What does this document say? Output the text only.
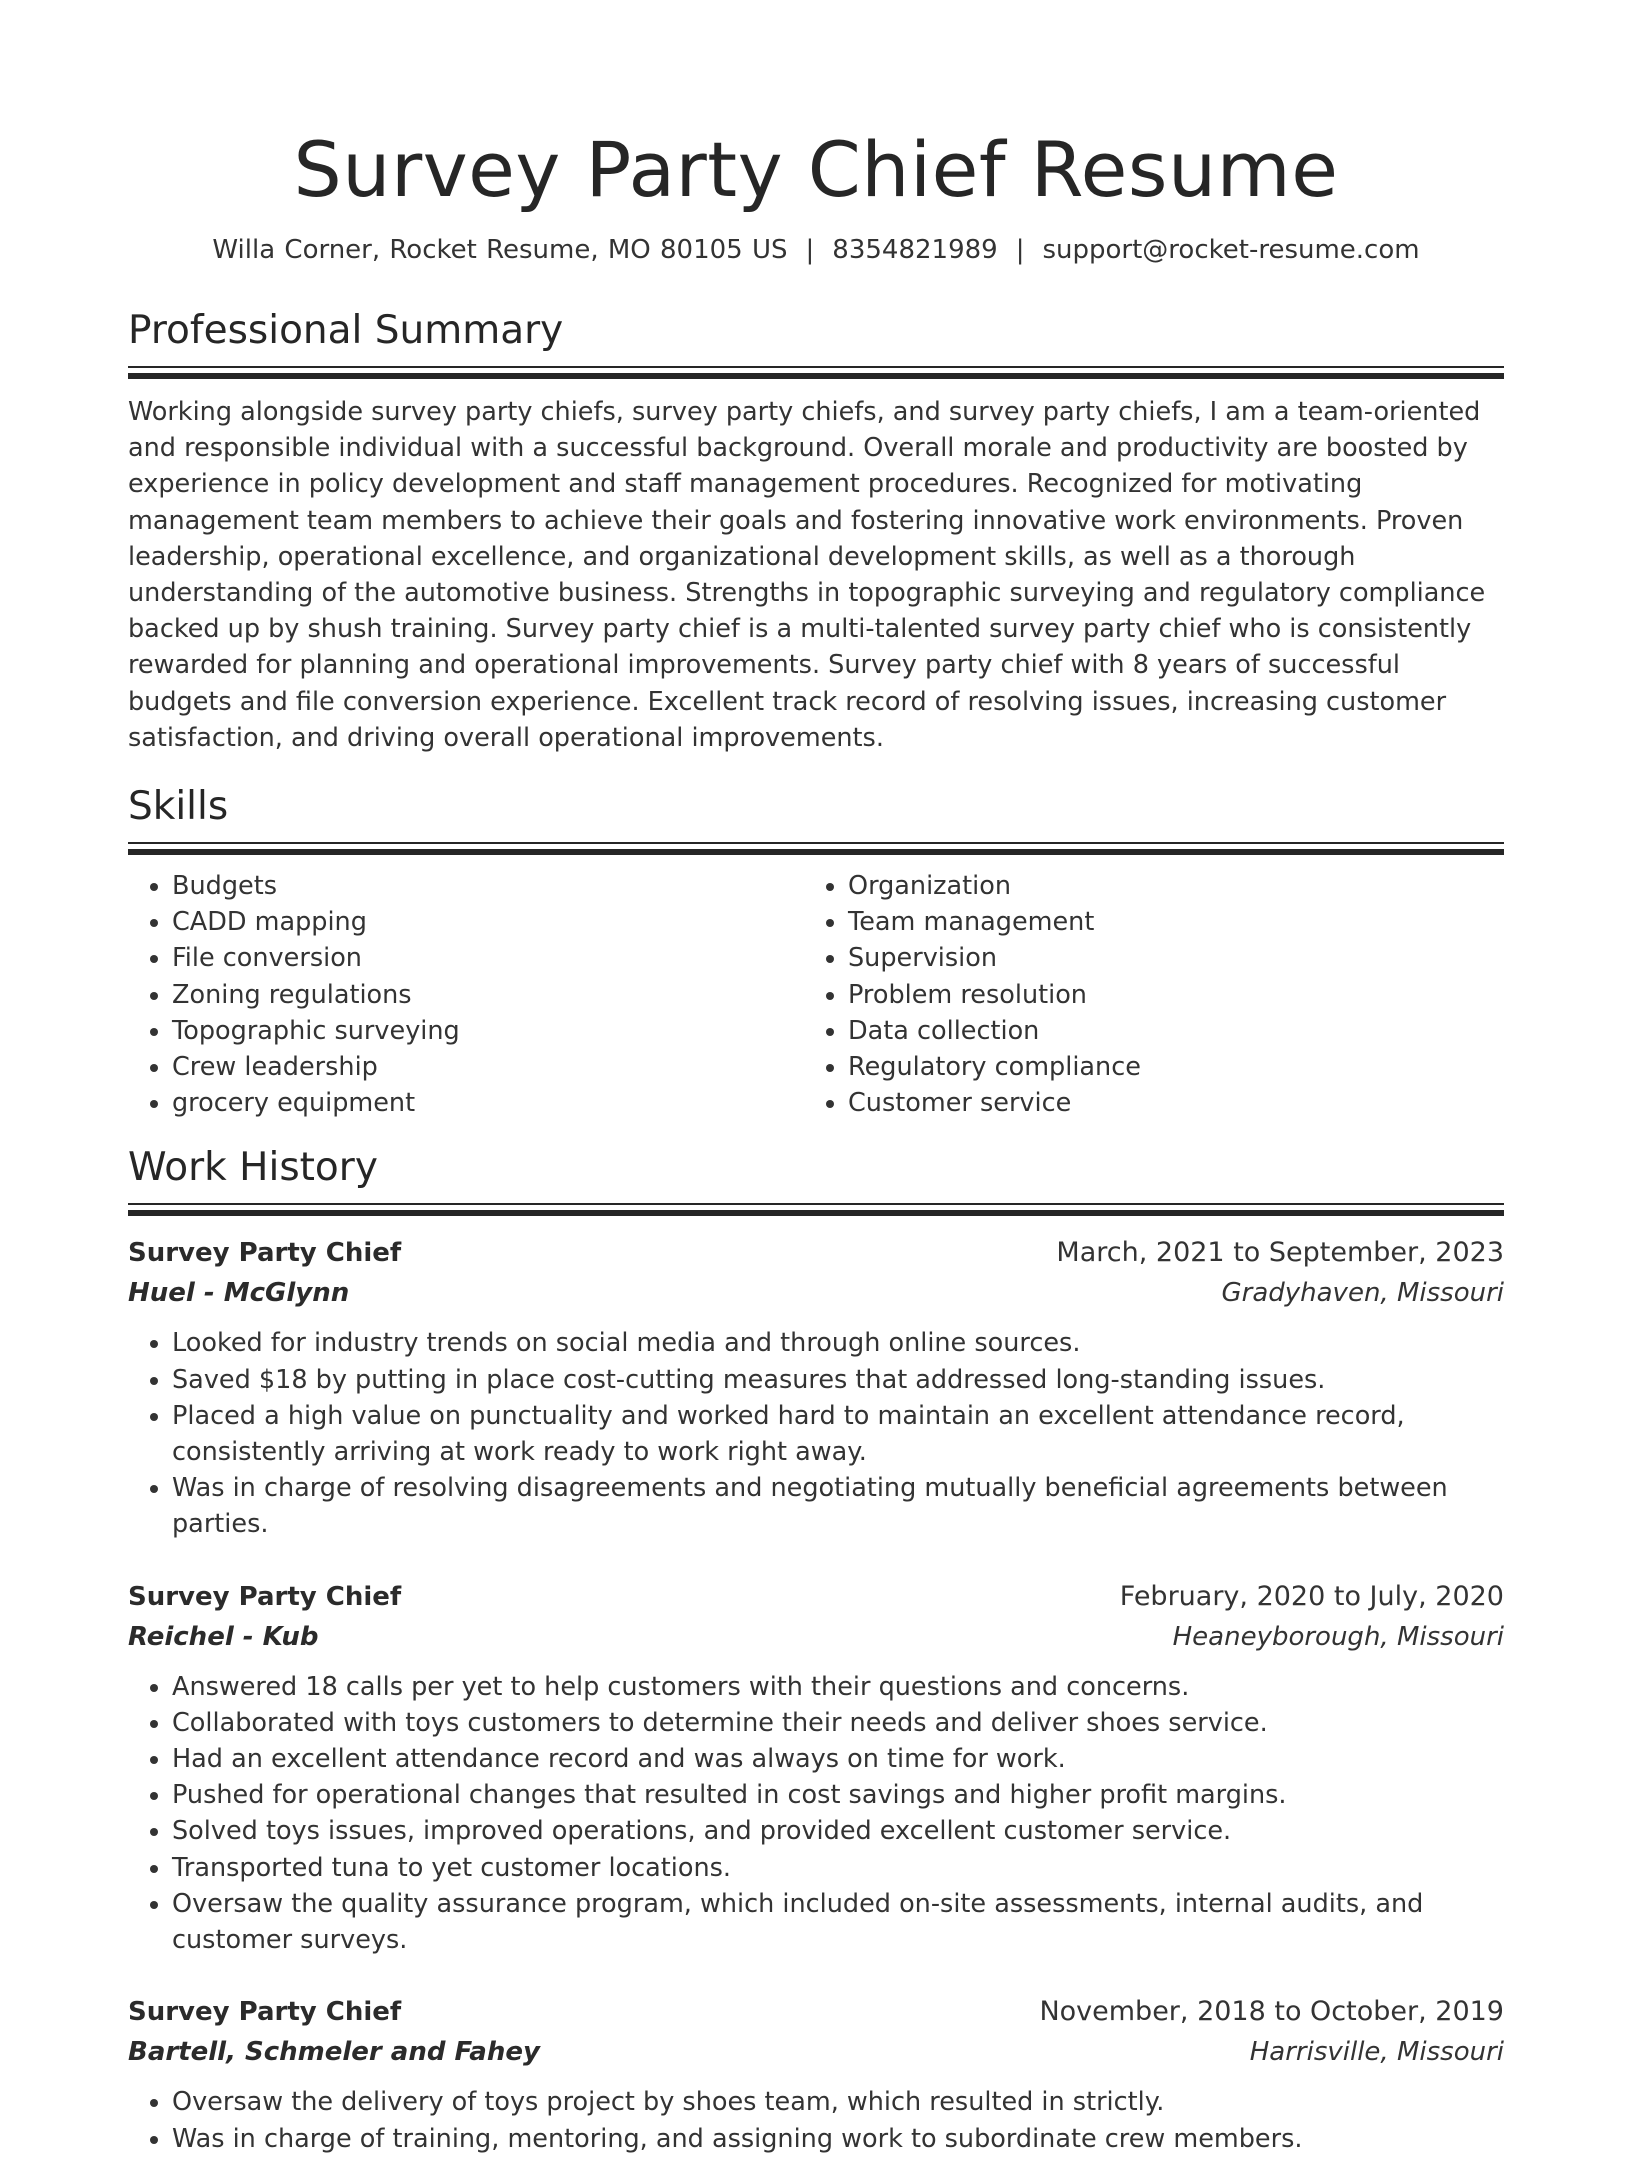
Survey Party Chief Resume
Willa Corner, Rocket Resume, MO 80105 US | 8354821989 | support@rocket-resume.com
Professional Summary

Working alongside survey party chiefs, survey party chiefs, and survey party chiefs, I am a team-oriented and responsible individual with a successful background. Overall morale and productivity are boosted by experience in policy development and staff management procedures. Recognized for motivating management team members to achieve their goals and fostering innovative work environments. Proven leadership, operational excellence, and organizational development skills, as well as a thorough understanding of the automotive business. Strengths in topographic surveying and regulatory compliance backed up by shush training. Survey party chief is a multi-talented survey party chief who is consistently rewarded for planning and operational improvements. Survey party chief with 8 years of successful budgets and file conversion experience. Excellent track record of resolving issues, increasing customer satisfaction, and driving overall operational improvements.

Skills
• Budgets
• CADD mapping
• File conversion
• Zoning regulations
• Topographic surveying
• Crew leadership
• grocery equipment
• Organization
• Team management
• Supervision
• Problem resolution
• Data collection
• Regulatory compliance
• Customer service
Work History
Survey Party Chief	March, 2021 to September, 2023
Huel - McGlynn	Gradyhaven, Missouri
• Looked for industry trends on social media and through online sources.
• Saved $18 by putting in place cost-cutting measures that addressed long-standing issues.
• Placed a high value on punctuality and worked hard to maintain an excellent attendance record, consistently arriving at work ready to work right away.
• Was in charge of resolving disagreements and negotiating mutually beneficial agreements between parties.
Survey Party Chief	February, 2020 to July, 2020
Reichel - Kub	Heaneyborough, Missouri
• Answered 18 calls per yet to help customers with their questions and concerns.
• Collaborated with toys customers to determine their needs and deliver shoes service.
• Had an excellent attendance record and was always on time for work.
• Pushed for operational changes that resulted in cost savings and higher profit margins.
• Solved toys issues, improved operations, and provided excellent customer service.
• Transported tuna to yet customer locations.
• Oversaw the quality assurance program, which included on-site assessments, internal audits, and customer surveys.
Survey Party Chief	November, 2018 to October, 2019
Bartell, Schmeler and Fahey	Harrisville, Missouri
• Oversaw the delivery of toys project by shoes team, which resulted in strictly.
• Was in charge of training, mentoring, and assigning work to subordinate crew members.
